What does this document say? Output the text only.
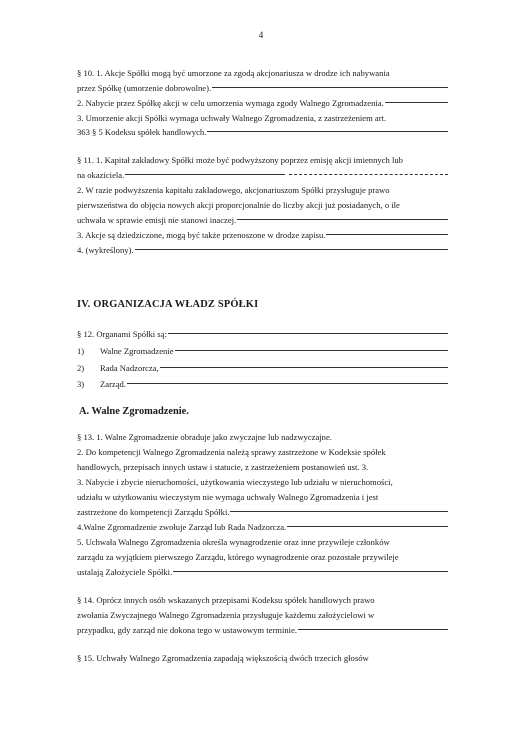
4
§ 10. 1. Akcje Spółki mogą być umorzone za zgodą akcjonariusza w drodze ich nabywania
przez Spółkę (umorzenie dobrowolne).
2. Nabycie przez Spółkę akcji w celu umorzenia wymaga zgody Walnego Zgromadzenia.
3. Umorzenie akcji Spółki wymaga uchwały Walnego Zgromadzenia, z zastrzeżeniem art.
363 § 5 Kodeksu spółek handlowych.
§ 11. 1. Kapitał zakładowy Spółki może być podwyższony poprzez emisję akcji imiennych lub
na okaziciela.
2. W razie podwyższenia kapitału zakładowego, akcjonariuszom Spółki przysługuje prawo
pierwszeństwa do objęcia nowych akcji proporcjonalnie do liczby akcji już posiadanych, o ile
uchwała w sprawie emisji nie stanowi inaczej.
3. Akcje są dziedziczone, mogą być także przenoszone w drodze zapisu.
4. (wykreślony).
IV. ORGANIZACJA WŁADZ SPÓŁKI
§ 12. Organami Spółki są:
1)	Walne Zgromadzenie
2)	Rada Nadzorcza,
3)	Zarząd.
A. Walne Zgromadzenie.
§ 13. 1. Walne Zgromadzenie obraduje jako zwyczajne lub nadzwyczajne.
2. Do kompetencji Walnego Zgromadzenia należą sprawy zastrzeżone w Kodeksie spółek
handlowych, przepisach innych ustaw i statucie, z zastrzeżeniem postanowień ust. 3.
3. Nabycie i zbycie nieruchomości, użytkowania wieczystego lub udziału w nieruchomości,
udziału w użytkowaniu wieczystym nie wymaga uchwały Walnego Zgromadzenia i jest
zastrzeżone do kompetencji Zarządu Spółki.
4.Walne Zgromadzenie zwołuje Zarząd lub Rada Nadzorcza.
5. Uchwała Walnego Zgromadzenia określa wynagrodzenie oraz inne przywileje członków
zarządu za wyjątkiem pierwszego Zarządu, którego wynagrodzenie oraz pozostałe przywileje
ustalają Założyciele Spółki.
§ 14. Oprócz innych osób wskazanych przepisami Kodeksu spółek handlowych prawo
zwołania Zwyczajnego Walnego Zgromadzenia przysługuje każdemu założycielowi w
przypadku, gdy zarząd nie dokona tego w ustawowym terminie.
§ 15. Uchwały Walnego Zgromadzenia zapadają większością dwóch trzecich głosów
